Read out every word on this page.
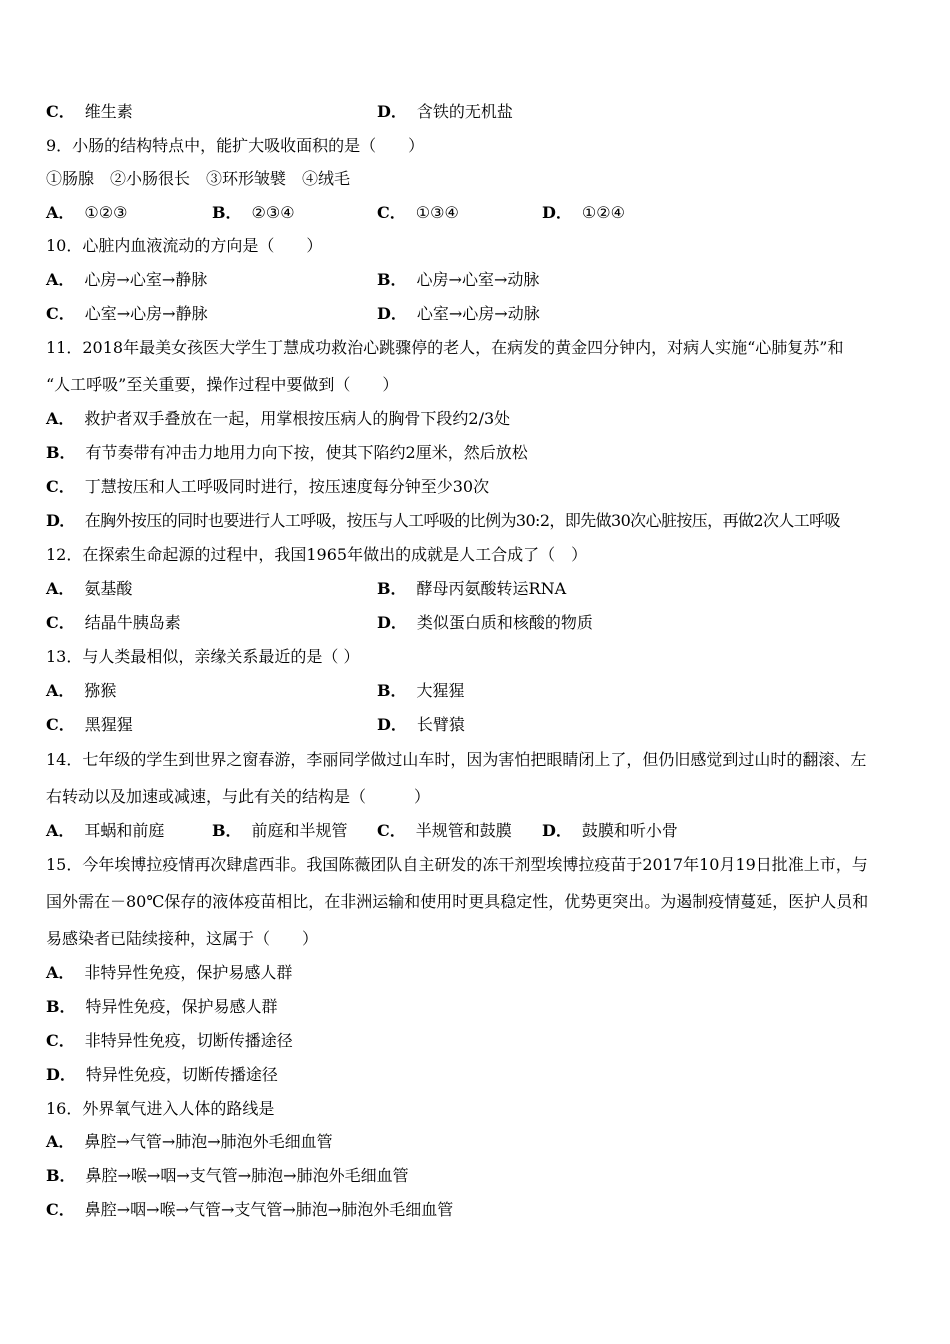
C． 维生素	D． 含铁的无机盐
9．小肠的结构特点中，能扩大吸收面积的是（　　）
①肠腺　②小肠很长　③环形皱襞　④绒毛
A． ①②③	B． ②③④	C． ①③④	D． ①②④
10．心脏内血液流动的方向是（　　）
A． 心房→心室→静脉	B． 心房→心室→动脉
C． 心室→心房→静脉	D． 心室→心房→动脉
11．2018年最美女孩医大学生丁慧成功救治心跳骤停的老人，在病发的黄金四分钟内，对病人实施“心肺复苏”和
“人工呼吸”至关重要，操作过程中要做到（　　）
A． 救护者双手叠放在一起，用掌根按压病人的胸骨下段约2/3处
B． 有节奏带有冲击力地用力向下按，使其下陷约2厘米，然后放松
C． 丁慧按压和人工呼吸同时进行，按压速度每分钟至少30次
D． 在胸外按压的同时也要进行人工呼吸，按压与人工呼吸的比例为30:2，即先做30次心脏按压，再做2次人工呼吸
12．在探索生命起源的过程中，我国1965年做出的成就是人工合成了（　）
A． 氨基酸	B． 酵母丙氨酸转运RNA
C． 结晶牛胰岛素	D． 类似蛋白质和核酸的物质
13．与人类最相似，亲缘关系最近的是（ ）
A． 猕猴	B． 大猩猩
C． 黑猩猩	D． 长臂猿
14．七年级的学生到世界之窗春游，李丽同学做过山车时，因为害怕把眼睛闭上了，但仍旧感觉到过山时的翻滚、左
右转动以及加速或减速，与此有关的结构是（　　　）
A． 耳蜗和前庭	B． 前庭和半规管 C． 半规管和鼓膜 D． 鼓膜和听小骨
15．今年埃博拉疫情再次肆虐西非。我国陈薇团队自主研发的冻干剂型埃博拉疫苗于2017年10月19日批准上市，与
国外需在－80℃保存的液体疫苗相比，在非洲运输和使用时更具稳定性，优势更突出。为遏制疫情蔓延，医护人员和
易感染者已陆续接种，这属于（　　）
A． 非特异性免疫，保护易感人群
B． 特异性免疫，保护易感人群
C． 非特异性免疫，切断传播途径
D． 特异性免疫，切断传播途径
16．外界氧气进入人体的路线是
A． 鼻腔→气管→肺泡→肺泡外毛细血管
B． 鼻腔→喉→咽→支气管→肺泡→肺泡外毛细血管
C． 鼻腔→咽→喉→气管→支气管→肺泡→肺泡外毛细血管
